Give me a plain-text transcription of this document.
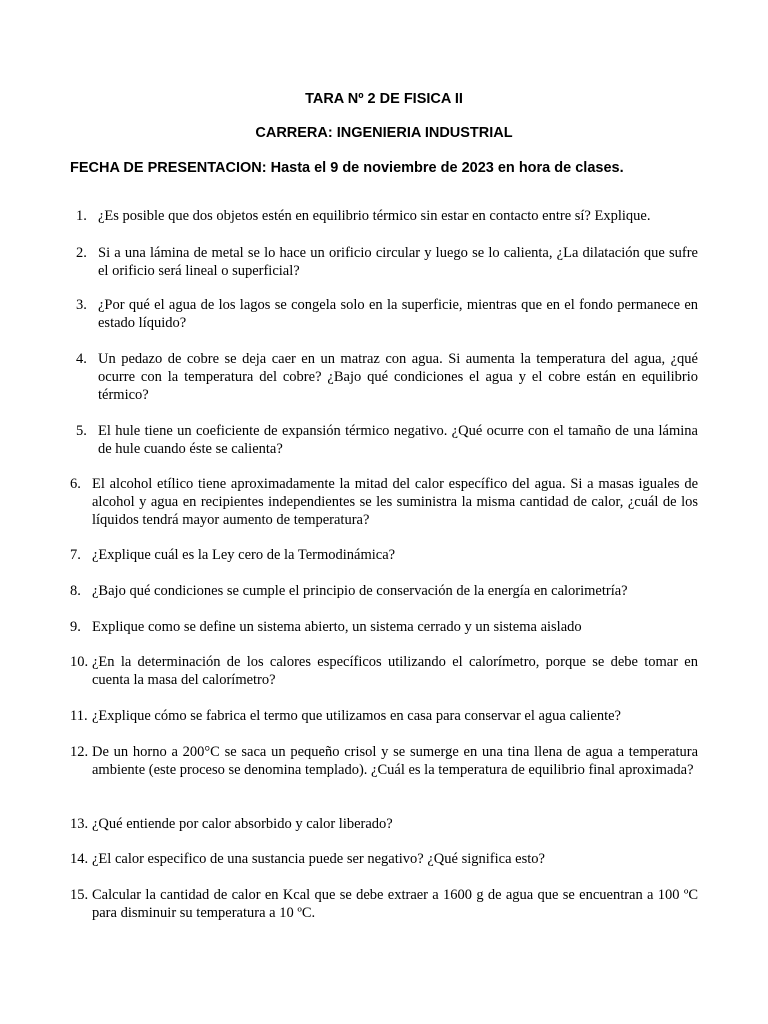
TARA Nº 2 DE FISICA II
CARRERA: INGENIERIA INDUSTRIAL

FECHA DE PRESENTACION: Hasta el 9 de noviembre de 2023 en hora de clases.

1. ¿Es posible que dos objetos estén en equilibrio térmico sin estar en contacto entre sí? Explique.
2. Si a una lámina de metal se lo hace un orificio circular y luego se lo calienta, ¿La dilatación que sufre el orificio será lineal o superficial?
3. ¿Por qué el agua de los lagos se congela solo en la superficie, mientras que en el fondo permanece en estado líquido?
4. Un pedazo de cobre se deja caer en un matraz con agua. Si aumenta la temperatura del agua, ¿qué ocurre con la temperatura del cobre? ¿Bajo qué condiciones el agua y el cobre están en equilibrio térmico?
5. El hule tiene un coeficiente de expansión térmico negativo. ¿Qué ocurre con el tamaño de una lámina de hule cuando éste se calienta?
6. El alcohol etílico tiene aproximadamente la mitad del calor específico del agua. Si a masas iguales de alcohol y agua en recipientes independientes se les suministra la misma cantidad de calor, ¿cuál de los líquidos tendrá mayor aumento de temperatura?
7. ¿Explique cuál es la Ley cero de la Termodinámica?
8. ¿Bajo qué condiciones se cumple el principio de conservación de la energía en calorimetría?
9. Explique como se define un sistema abierto, un sistema cerrado y un sistema aislado
10. ¿En la determinación de los calores específicos utilizando el calorímetro, porque se debe tomar en cuenta la masa del calorímetro?
11. ¿Explique cómo se fabrica el termo que utilizamos en casa para conservar el agua caliente?
12. De un horno a 200°C se saca un pequeño crisol y se sumerge en una tina llena de agua a temperatura ambiente (este proceso se denomina templado). ¿Cuál es la temperatura de equilibrio final aproximada?
13. ¿Qué entiende por calor absorbido y calor liberado?
14. ¿El calor especifico de una sustancia puede ser negativo? ¿Qué significa esto?
15. Calcular la cantidad de calor en Kcal que se debe extraer a 1600 g de agua que se encuentran a 100 ºC para disminuir su temperatura a 10 ºC.
